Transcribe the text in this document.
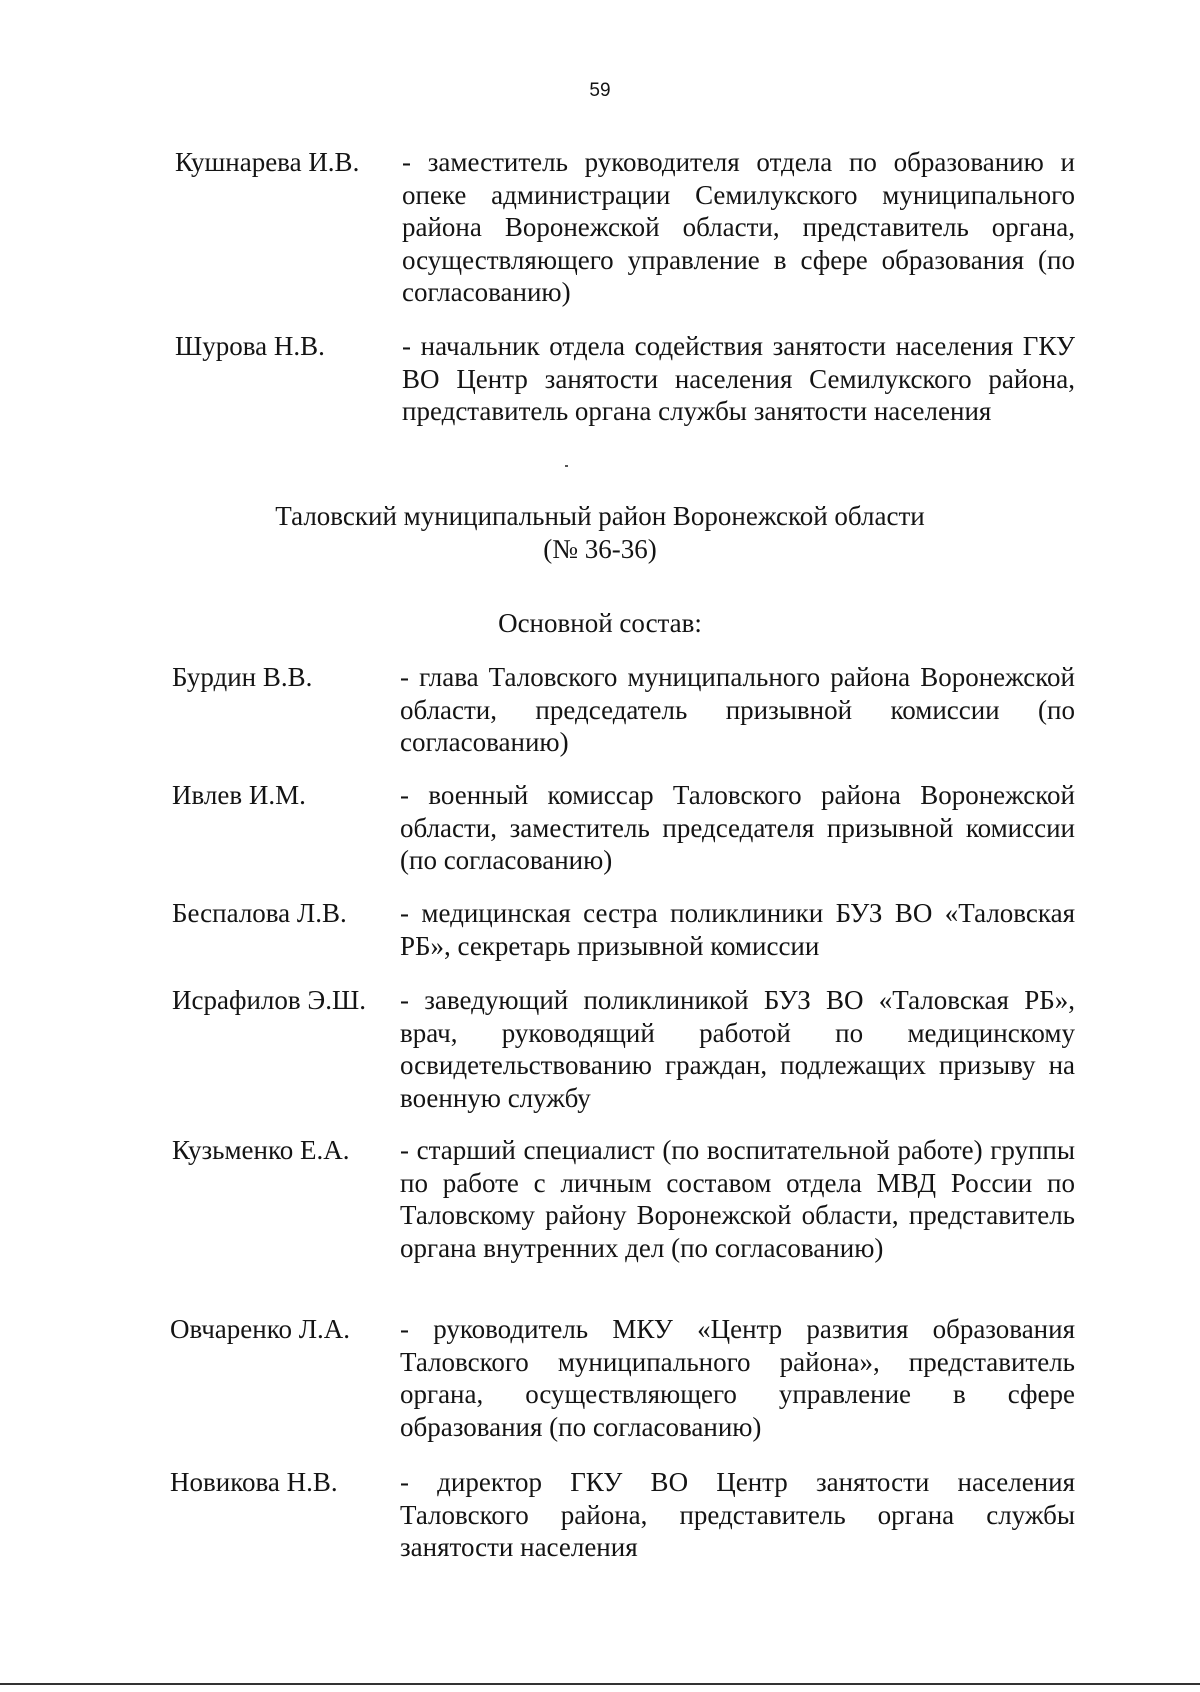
59
Кушнарева И.В. - заместитель руководителя отдела по образованию и опеке администрации Семилукского муниципального района Воронежской области, представитель органа, осуществляющего управление в сфере образования (по согласованию)
Шурова Н.В.	- начальник отдела содействия занятости населения ГКУ ВО Центр занятости населения Семилукского района, представитель органа службы занятости населения
Таловский муниципальный район Воронежской области
(№ 36-36)
Основной состав:
Бурдин В.В.	- глава Таловского муниципального района Воронежской области, председатель призывной комиссии (по согласованию)
Ивлев И.М.	- военный комиссар Таловского района Воронежской области, заместитель председателя призывной комиссии (по согласованию)
Беспалова Л.В. - медицинская сестра поликлиники БУЗ ВО «Таловская РБ», секретарь призывной комиссии
Исрафилов Э.Ш. - заведующий поликлиникой БУЗ ВО «Таловская РБ», врач, руководящий работой по медицинскому освидетельствованию граждан, подлежащих призыву на военную службу
Кузьменко Е.А. - старший специалист (по воспитательной работе) группы по работе с личным составом отдела МВД России по Таловскому району Воронежской области, представитель органа внутренних дел (по согласованию)
Овчаренко Л.А. - руководитель МКУ «Центр развития образования Таловского муниципального района», представитель органа, осуществляющего управление в сфере образования (по согласованию)
Новикова Н.В. - директор ГКУ ВО Центр занятости населения Таловского района, представитель органа службы занятости населения
